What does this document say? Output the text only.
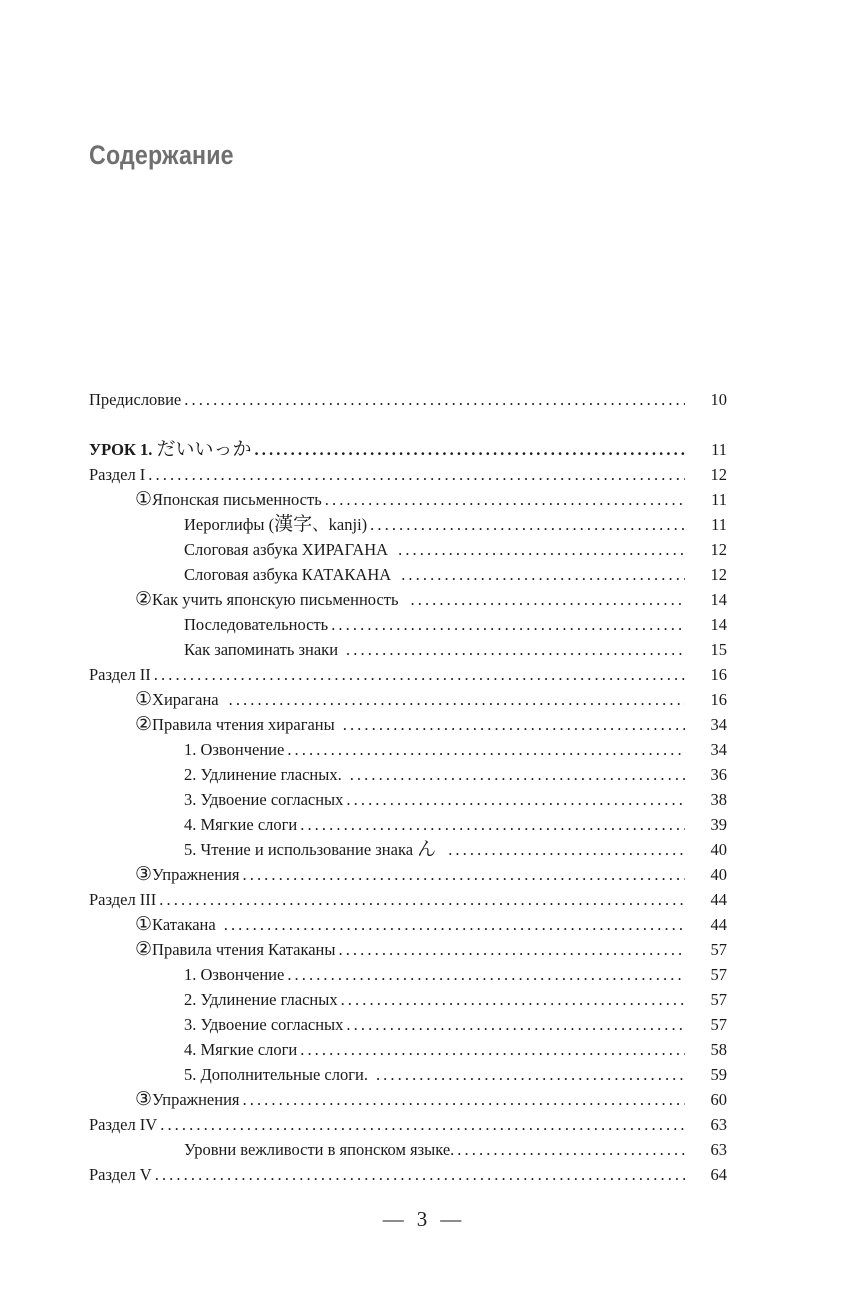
Содержание
Предисловие .....	10
УРОК 1. だいいっか .....	11
Раздел I .....	12
① Японская письменность .....	11
Иероглифы (漢字、kanji) .....	11
Слоговая азбука ХИРАГАНА .....	12
Слоговая азбука КАТАКАНА .....	12
② Как учить японскую письменность .....	14
Последовательность .....	14
Как запоминать знаки .....	15
Раздел II .....	16
① Хирагана .....	16
② Правила чтения хираганы .....	34
1. Озвончение .....	34
2. Удлинение гласных. .....	36
3. Удвоение согласных .....	38
4. Мягкие слоги .....	39
5. Чтение и использование знака ん .....	40
③ Упражнения .....	40
Раздел III .....	44
① Катакана .....	44
② Правила чтения Катаканы .....	57
1. Озвончение .....	57
2. Удлинение гласных .....	57
3. Удвоение согласных .....	57
4. Мягкие слоги .....	58
5. Дополнительные слоги. .....	59
③ Упражнения .....	60
Раздел IV .....	63
Уровни вежливости в японском языке. .....	63
Раздел V .....	64
— 3 —
